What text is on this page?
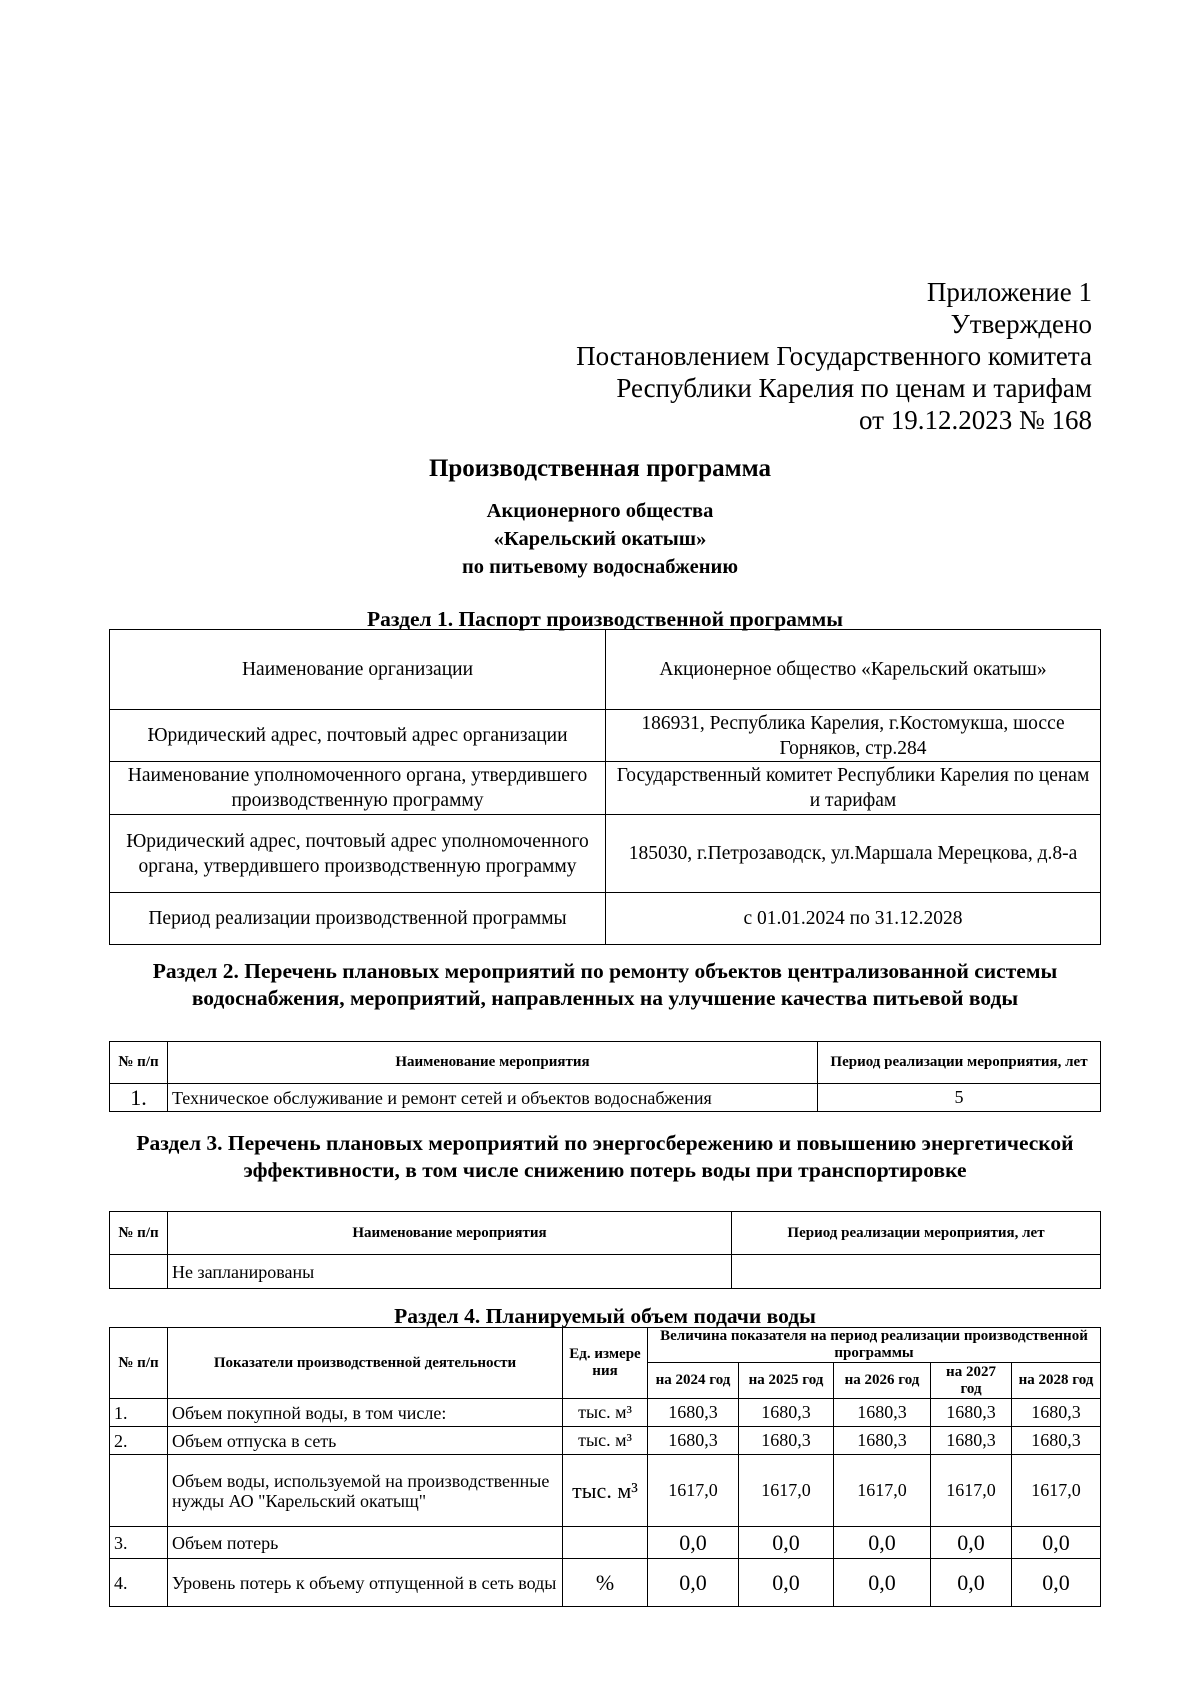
Приложение 1
Утверждено
Постановлением Государственного комитета
Республики Карелия по ценам и тарифам
от 19.12.2023 № 168
Производственная программа
Акционерного общества
«Карельский окатыш»
по питьевому водоснабжению
Раздел 1. Паспорт производственной программы
Наименование организации	Акционерное общество «Карельский окатыш»
Юридический адрес, почтовый адрес организации	186931, Республика Карелия, г.Костомукша, шоссе Горняков, стр.284
Наименование уполномоченного органа, утвердившего производственную программу	Государственный комитет Республики Карелия по ценам и тарифам
Юридический адрес, почтовый адрес уполномоченного органа, утвердившего производственную программу	185030, г.Петрозаводск, ул.Маршала Мерецкова, д.8-а
Период реализации производственной программы	с 01.01.2024 по 31.12.2028
Раздел 2. Перечень плановых мероприятий по ремонту объектов централизованной системы водоснабжения, мероприятий, направленных на улучшение качества питьевой воды
№ п/п	Наименование мероприятия	Период реализации мероприятия, лет
1.	Техническое обслуживание и ремонт сетей и объектов водоснабжения	5
Раздел 3. Перечень плановых мероприятий по энергосбережению и повышению энергетической эффективности, в том числе снижению потерь воды при транспортировке
№ п/п	Наименование мероприятия	Период реализации мероприятия, лет
	Не запланированы	
Раздел 4. Планируемый объем подачи воды
№ п/п	Показатели производственной деятельности	Ед. измере ния	Величина показателя на период реализации производственной программы				
			на 2024 год	на 2025 год	на 2026 год	на 2027 год	на 2028 год
1.	Объем покупной воды, в том числе:	тыс. м³	1680,3	1680,3	1680,3	1680,3	1680,3
2.	Объем отпуска в сеть	тыс. м³	1680,3	1680,3	1680,3	1680,3	1680,3
	Объем воды, используемой на производственные нужды АО "Карельский окатыщ"	тыс. м³	1617,0	1617,0	1617,0	1617,0	1617,0
3.	Объем потерь		0,0	0,0	0,0	0,0	0,0
4.	Уровень потерь к объему отпущенной в сеть воды	%	0,0	0,0	0,0	0,0	0,0
